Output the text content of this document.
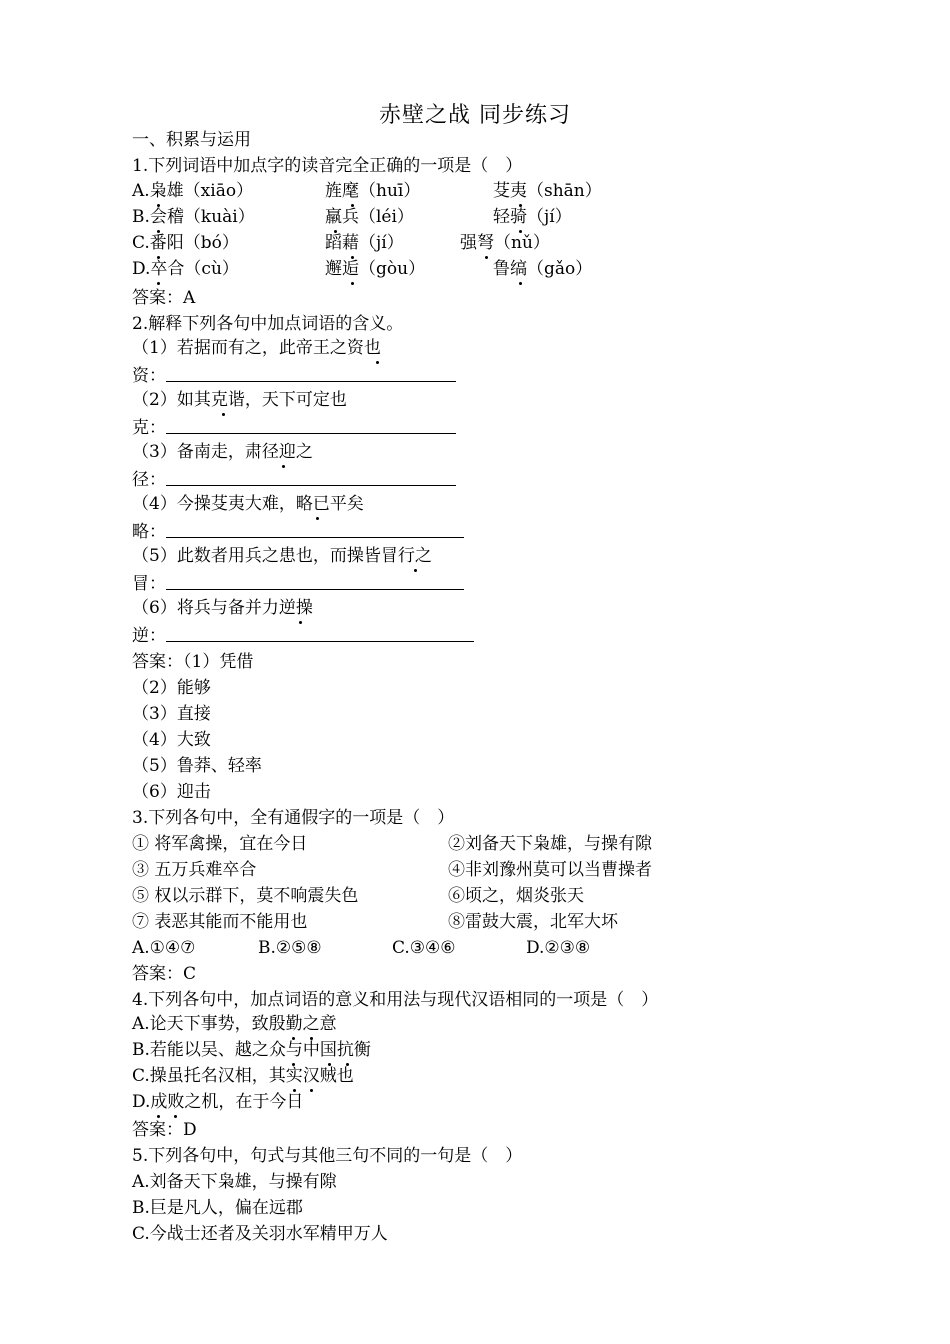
赤壁之战 同步练习
一、积累与运用
1.下列词语中加点字的读音完全正确的一项是（　）
A.枭雄（xiāo）	旌麾（huī）	芟夷（shān）
B.会稽（kuài）	羸兵（léi）	轻骑（jí）
C.番阳（bó）	蹈藉（jí）	强弩（nǔ）
D.卒合（cù）	邂逅（gòu）	鲁缟（gǎo）
答案：A
2.解释下列各句中加点词语的含义。
（1）若据而有之，此帝王之资也
资：
（2）如其克谐，天下可定也
克：
（3）备南走，肃径迎之
径：
（4）今操芟夷大难，略已平矣
略：
（5）此数者用兵之患也，而操皆冒行之
冒：
（6）将兵与备并力逆操
逆：
答案：（1）凭借
（2）能够
（3）直接
（4）大致
（5）鲁莽、轻率
（6）迎击
3.下列各句中，全有通假字的一项是（　）
① 将军禽操，宜在今日	②刘备天下枭雄，与操有隙
③ 五万兵难卒合	④非刘豫州莫可以当曹操者
⑤ 权以示群下，莫不响震失色	⑥顷之，烟炎张天
⑦ 表恶其能而不能用也	⑧雷鼓大震，北军大坏
A.①④⑦	B.②⑤⑧	C.③④⑥	D.②③⑧
答案：C
4.下列各句中，加点词语的意义和用法与现代汉语相同的一项是（　）
A.论天下事势，致殷勤之意
B.若能以吴、越之众与中国抗衡
C.操虽托名汉相，其实汉贼也
D.成败之机，在于今日
答案：D
5.下列各句中，句式与其他三句不同的一句是（　）
A.刘备天下枭雄，与操有隙
B.巨是凡人，偏在远郡
C.今战士还者及关羽水军精甲万人
